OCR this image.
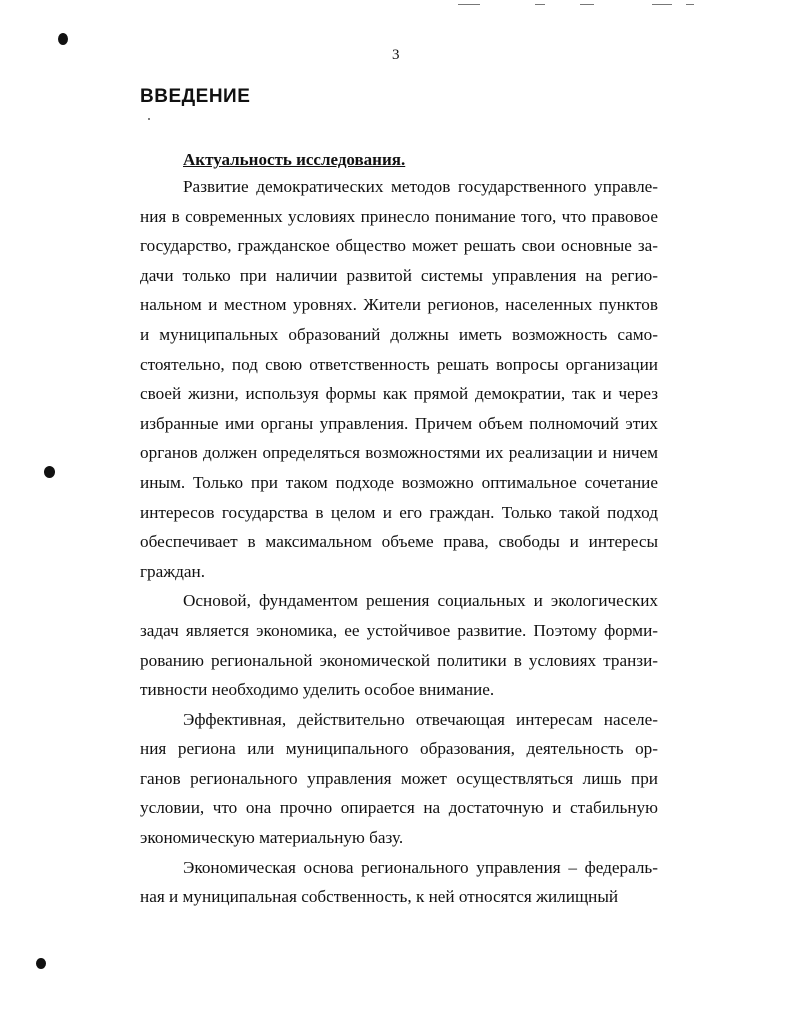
3
ВВЕДЕНИЕ
Актуальность исследования.
Развитие демократических методов государственного управле-
ния в современных условиях принесло понимание того, что правовое
государство, гражданское общество может решать свои основные за-
дачи только при наличии развитой системы управления на регио-
нальном и местном уровнях. Жители регионов, населенных пунктов
и муниципальных образований должны иметь возможность само-
стоятельно, под свою ответственность решать вопросы организации
своей жизни, используя формы как прямой демократии, так и через
избранные ими органы управления. Причем объем полномочий этих
органов должен определяться возможностями их реализации и ничем
иным. Только при таком подходе возможно оптимальное сочетание
интересов государства в целом и его граждан. Только такой подход
обеспечивает в максимальном объеме права, свободы и интересы
граждан.
Основой, фундаментом решения социальных и экологических
задач является экономика, ее устойчивое развитие. Поэтому форми-
рованию региональной экономической политики в условиях транзи-
тивности необходимо уделить особое внимание.
Эффективная, действительно отвечающая интересам населе-
ния региона или муниципального образования, деятельность ор-
ганов регионального управления может осуществляться лишь при
условии, что она прочно опирается на достаточную и стабильную
экономическую материальную базу.
Экономическая основа регионального управления – федераль-
ная и муниципальная собственность, к ней относятся жилищный
